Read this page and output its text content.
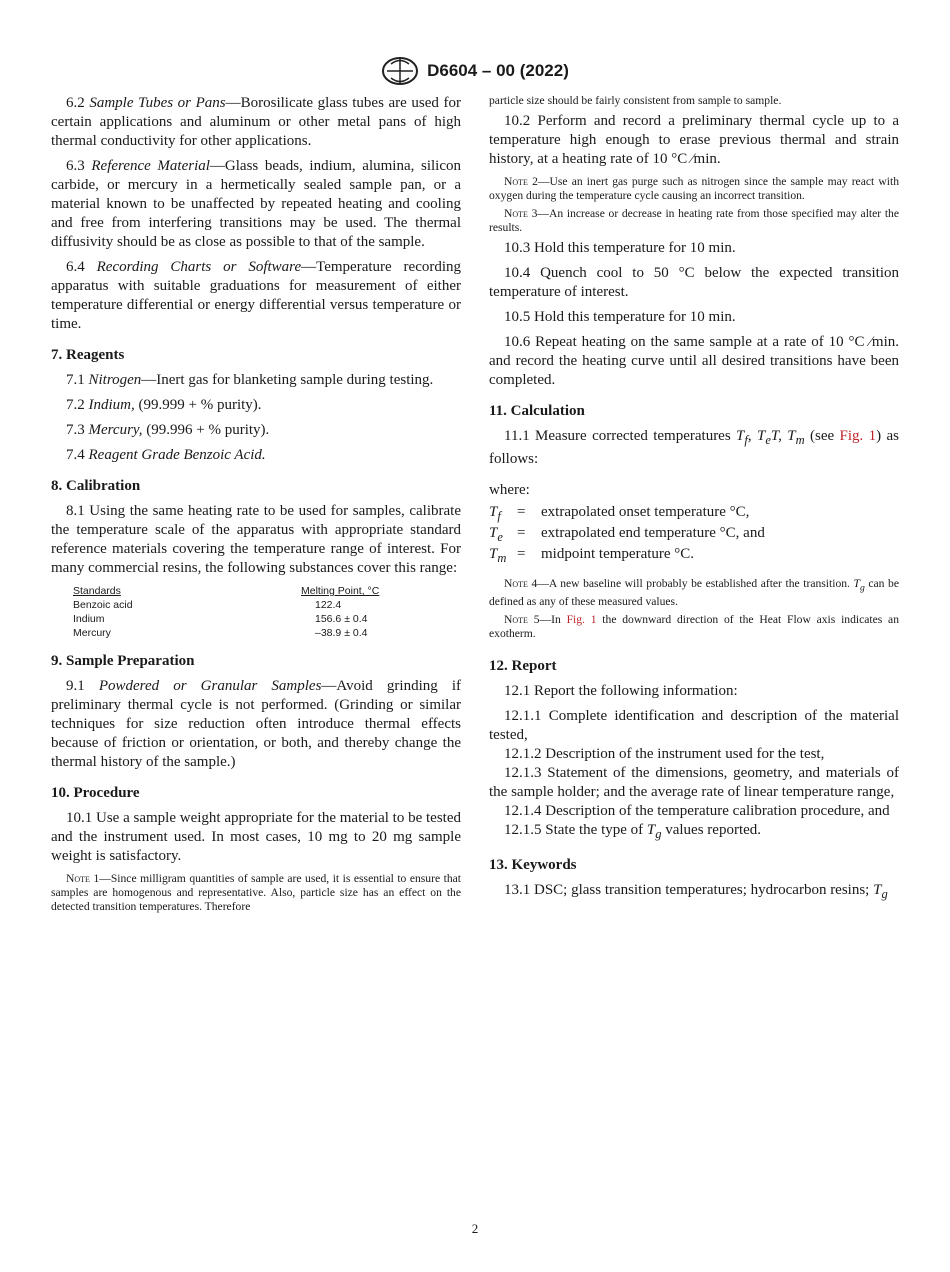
D6604 – 00 (2022)

6.2 Sample Tubes or Pans—Borosilicate glass tubes are used for certain applications and aluminum or other metal pans of high thermal conductivity for other applications.

6.3 Reference Material—Glass beads, indium, alumina, silicon carbide, or mercury in a hermetically sealed sample pan, or a material known to be unaffected by repeated heating and cooling and free from interfering transitions may be used. The thermal diffusivity should be as close as possible to that of the sample.

6.4 Recording Charts or Software—Temperature recording apparatus with suitable graduations for measurement of either temperature differential or energy differential versus temperature or time.

7. Reagents

7.1 Nitrogen—Inert gas for blanketing sample during testing.

7.2 Indium, (99.999 + % purity).

7.3 Mercury, (99.996 + % purity).

7.4 Reagent Grade Benzoic Acid.

8. Calibration

8.1 Using the same heating rate to be used for samples, calibrate the temperature scale of the apparatus with appropriate standard reference materials covering the temperature range of interest. For many commercial resins, the following substances cover this range:

Standards	Melting Point, °C
Benzoic acid	122.4
Indium	156.6 ± 0.4
Mercury	–38.9 ± 0.4
9. Sample Preparation

9.1 Powdered or Granular Samples—Avoid grinding if preliminary thermal cycle is not performed. (Grinding or similar techniques for size reduction often introduce thermal effects because of friction or orientation, or both, and thereby change the thermal history of the sample.)

10. Procedure

10.1 Use a sample weight appropriate for the material to be tested and the instrument used. In most cases, 10 mg to 20 mg sample weight is satisfactory.

Note 1—Since milligram quantities of sample are used, it is essential to ensure that samples are homogenous and representative. Also, particle size has an effect on the detected transition temperatures. Therefore
particle size should be fairly consistent from sample to sample.

10.2 Perform and record a preliminary thermal cycle up to a temperature high enough to erase previous thermal and strain history, at a heating rate of 10 °C ⁄min.

Note 2—Use an inert gas purge such as nitrogen since the sample may react with oxygen during the temperature cycle causing an incorrect transition.
Note 3—An increase or decrease in heating rate from those specified may alter the results.

10.3 Hold this temperature for 10 min.

10.4 Quench cool to 50 °C below the expected transition temperature of interest.

10.5 Hold this temperature for 10 min.

10.6 Repeat heating on the same sample at a rate of 10 °C ⁄min. and record the heating curve until all desired transitions have been completed.

11. Calculation

11.1 Measure corrected temperatures $T_f$, $T_eT$, $T_m$ (see Fig. 1) as follows:

where:

$T_f$	=	extrapolated onset temperature °C,
$T_e$ =	extrapolated end temperature °C, and
$T_m$ =	midpoint temperature °C.
Note 4—A new baseline will probably be established after the transition. $T_g$ can be defined as any of these measured values.
Note 5—In Fig. 1 the downward direction of the Heat Flow axis indicates an exotherm.
12. Report

12.1 Report the following information:

12.1.1 Complete identification and description of the material tested,

12.1.2 Description of the instrument used for the test,

12.1.3 Statement of the dimensions, geometry, and materials of the sample holder; and the average rate of linear temperature range,

12.1.4 Description of the temperature calibration procedure, and

12.1.5 State the type of $T_g$ values reported.

13. Keywords

13.1 DSC; glass transition temperatures; hydrocarbon resins; $T_g$

2
